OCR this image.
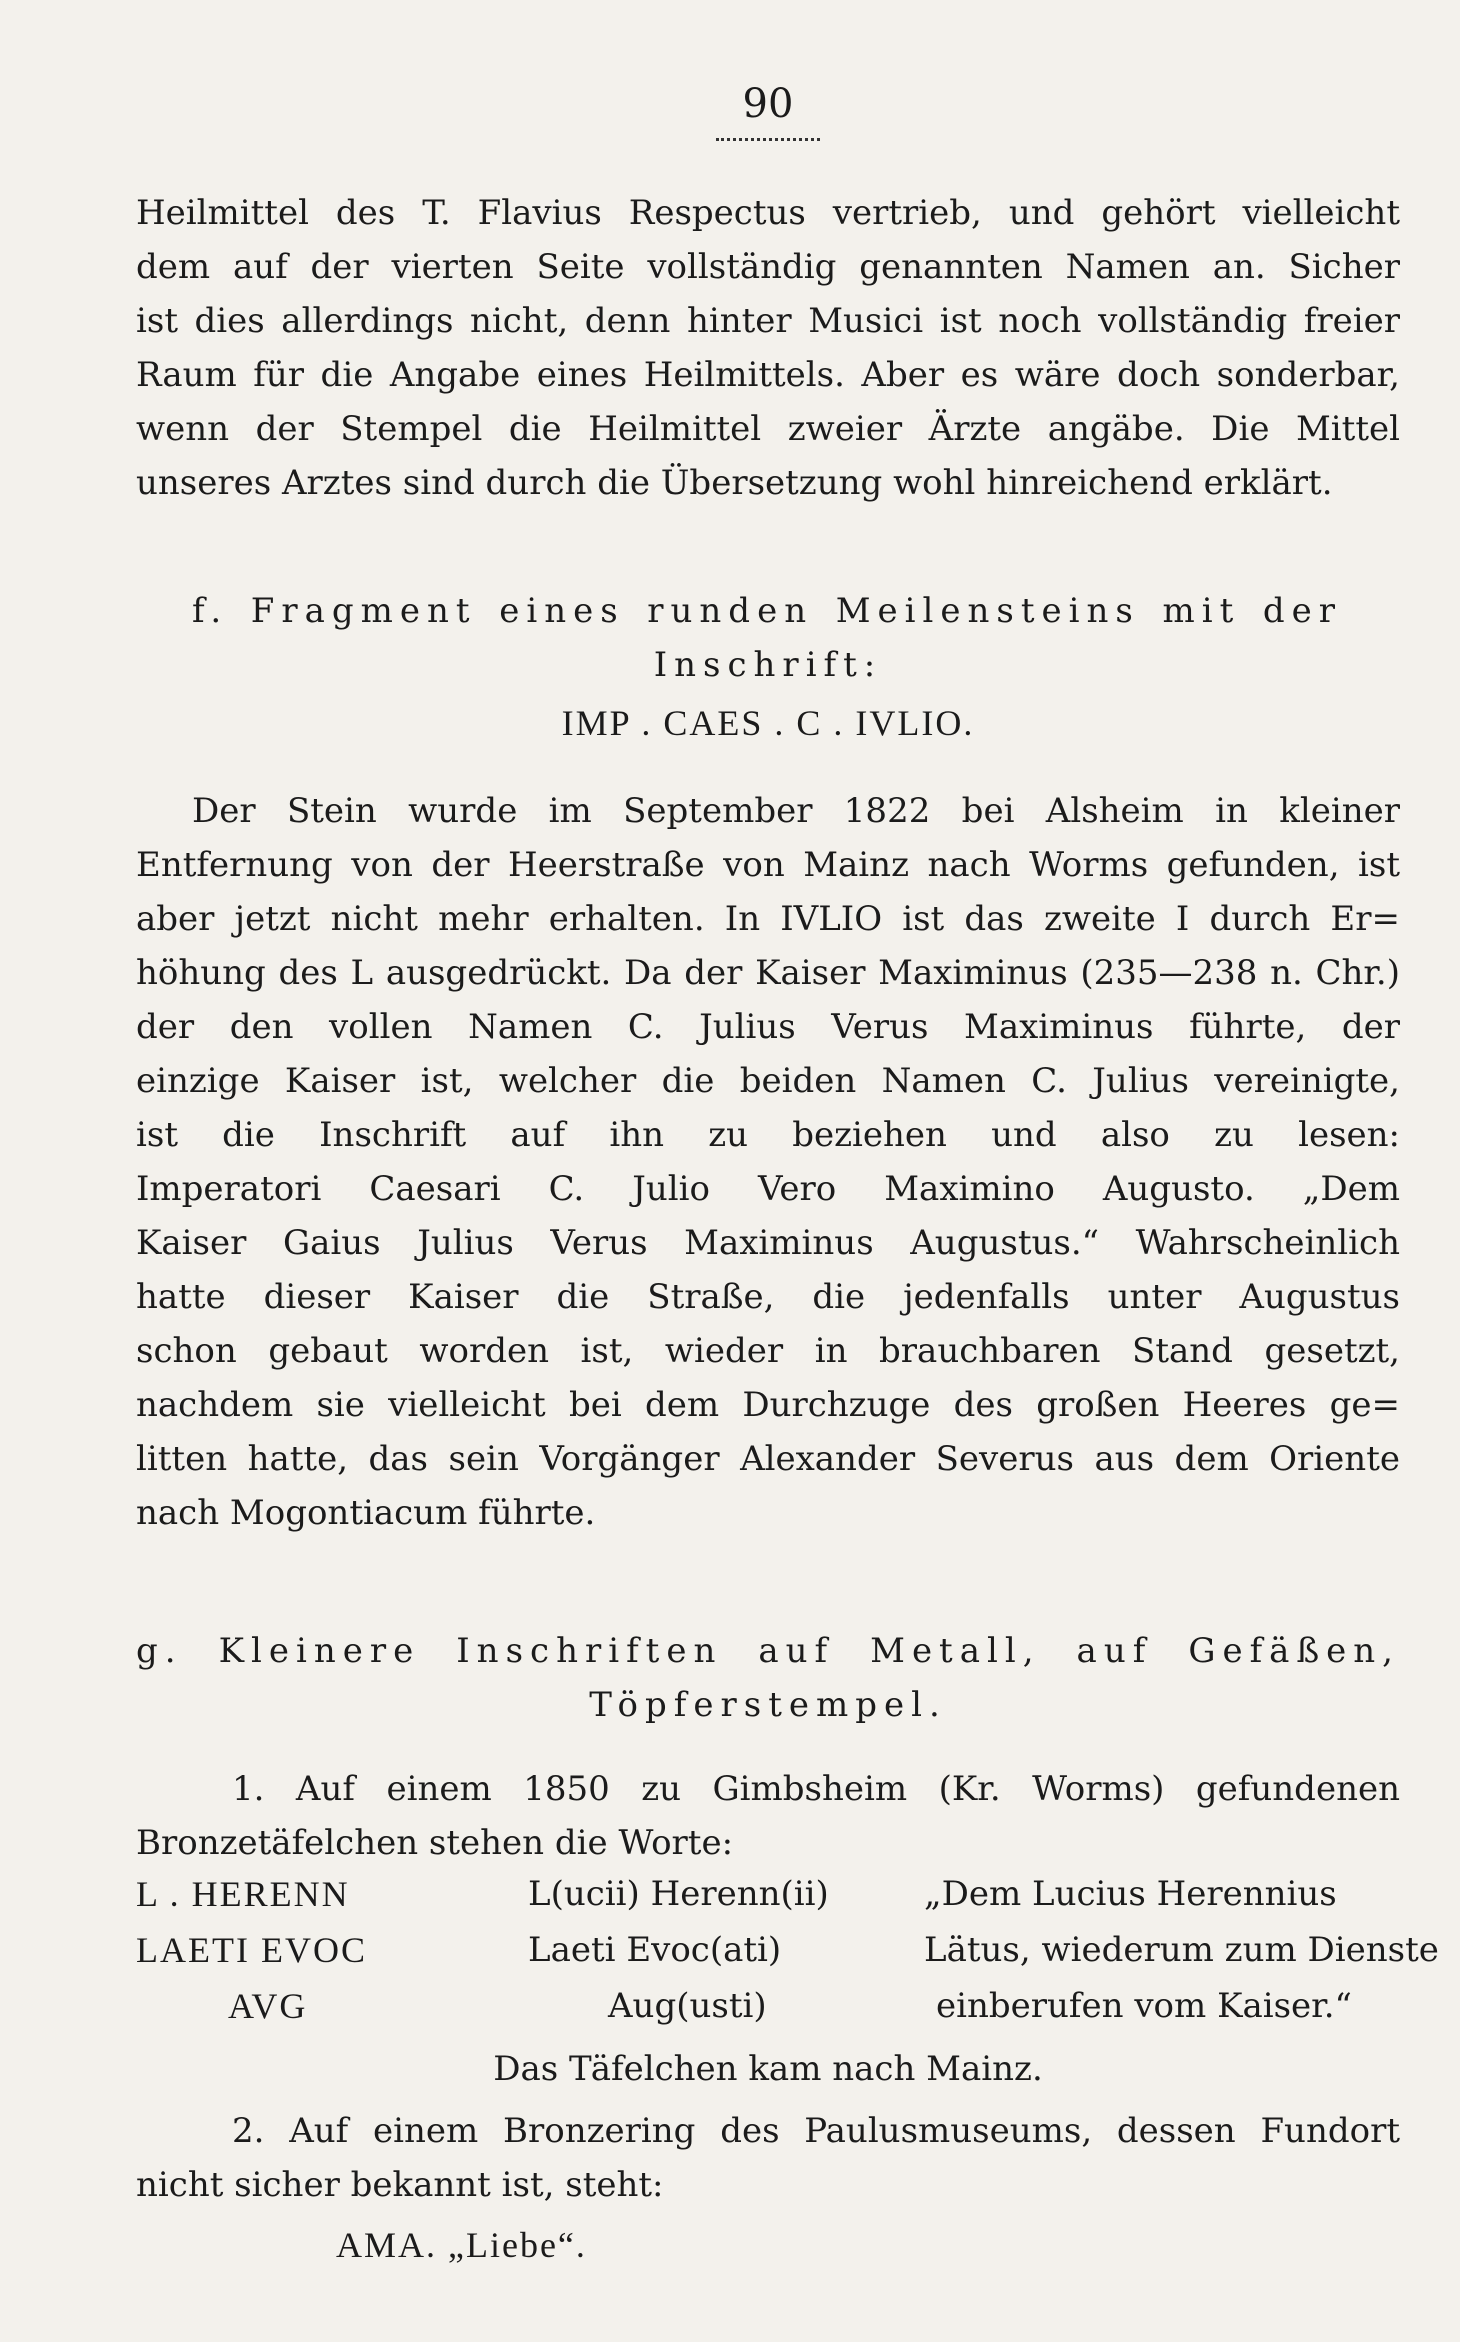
90
Heilmittel des T. Flavius Respectus vertrieb, und gehört vielleicht
dem auf der vierten Seite vollständig genannten Namen an. Sicher
ist dies allerdings nicht, denn hinter Musici ist noch vollständig freier
Raum für die Angabe eines Heilmittels. Aber es wäre doch sonderbar,
wenn der Stempel die Heilmittel zweier Ärzte angäbe. Die Mittel
unseres Arztes sind durch die Übersetzung wohl hinreichend erklärt.
f. Fragment eines runden Meilensteins mit der
Inschrift:
IMP . CAES . C . IVLIO.
Der Stein wurde im September 1822 bei Alsheim in kleiner
Entfernung von der Heerstraße von Mainz nach Worms gefunden, ist
aber jetzt nicht mehr erhalten. In IVLIO ist das zweite I durch Er=
höhung des L ausgedrückt. Da der Kaiser Maximinus (235—238 n. Chr.)
der den vollen Namen C. Julius Verus Maximinus führte, der
einzige Kaiser ist, welcher die beiden Namen C. Julius vereinigte,
ist die Inschrift auf ihn zu beziehen und also zu lesen:
Imperatori Caesari C. Julio Vero Maximino Augusto. „Dem
Kaiser Gaius Julius Verus Maximinus Augustus.“ Wahrscheinlich
hatte dieser Kaiser die Straße, die jedenfalls unter Augustus
schon gebaut worden ist, wieder in brauchbaren Stand gesetzt,
nachdem sie vielleicht bei dem Durchzuge des großen Heeres ge=
litten hatte, das sein Vorgänger Alexander Severus aus dem Oriente
nach Mogontiacum führte.
g. Kleinere Inschriften auf Metall, auf Gefäßen,
Töpferstempel.
1. Auf einem 1850 zu Gimbsheim (Kr. Worms) gefundenen
Bronzetäfelchen stehen die Worte:
L . HERENN	L(ucii) Herenn(ii)	„Dem Lucius Herennius
LAETI EVOC	Laeti Evoc(ati)	Lätus, wiederum zum Dienste
AVG	Aug(usti)	einberufen vom Kaiser.“
Das Täfelchen kam nach Mainz.
2. Auf einem Bronzering des Paulusmuseums, dessen Fundort
nicht sicher bekannt ist, steht:
AMA. „Liebe“.
